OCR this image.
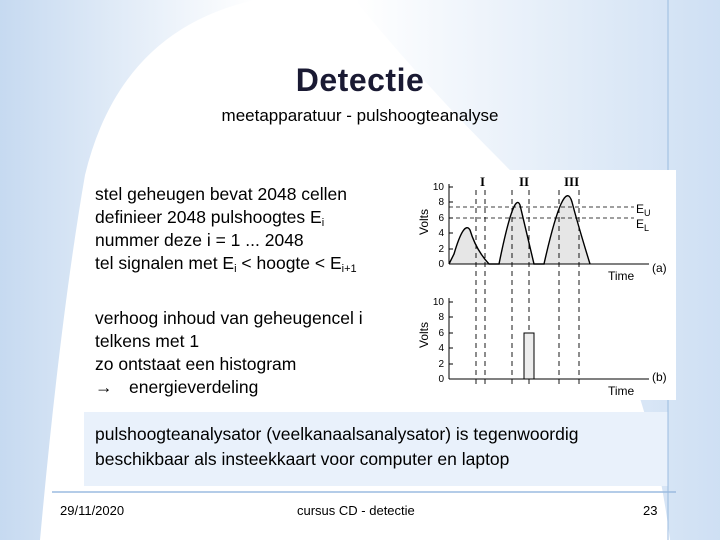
Detectie
meetapparatuur - pulshoogteanalyse
stel geheugen bevat 2048 cellen
definieer 2048 pulshoogtes $E_i$
nummer deze i = 1 ... 2048
tel signalen met $E_i$ < hoogte < $E_{i+1}$
verhoog inhoud van geheugencel i
telkens met 1
zo ontstaat een histogram
→ energieverdeling
pulshoogteanalysator (veelkanaalsanalysator) is tegenwoordig
beschikbaar als insteekkaart voor computer en laptop
29/11/2020	cursus CD - detectie	23
I	II	III
Volts
10
8
6
4
2
0
$E_U$
$E_L$
Time
(a)
Volts
10
8
6
4
2
0
Time
(b)
